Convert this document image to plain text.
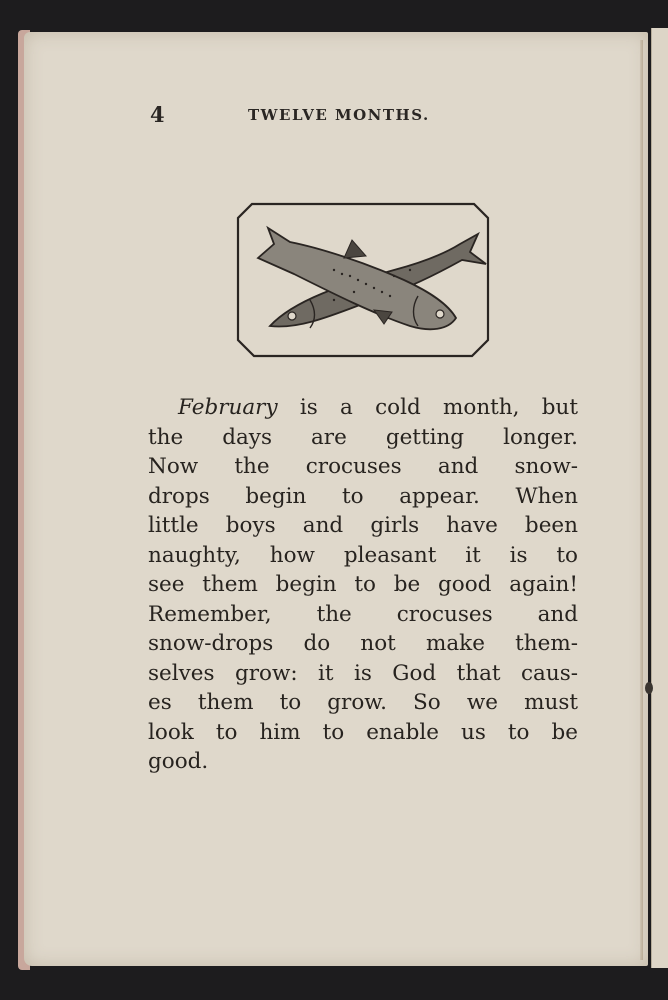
4	TWELVE MONTHS.

February is a cold month, but
the days are getting longer.
Now the crocuses and snow-
drops begin to appear. When
little boys and girls have been
naughty, how pleasant it is to
see them begin to be good again!
Remember, the crocuses and
snow-drops do not make them-
selves grow: it is God that caus-
es them to grow. So we must
look to him to enable us to be
good.
